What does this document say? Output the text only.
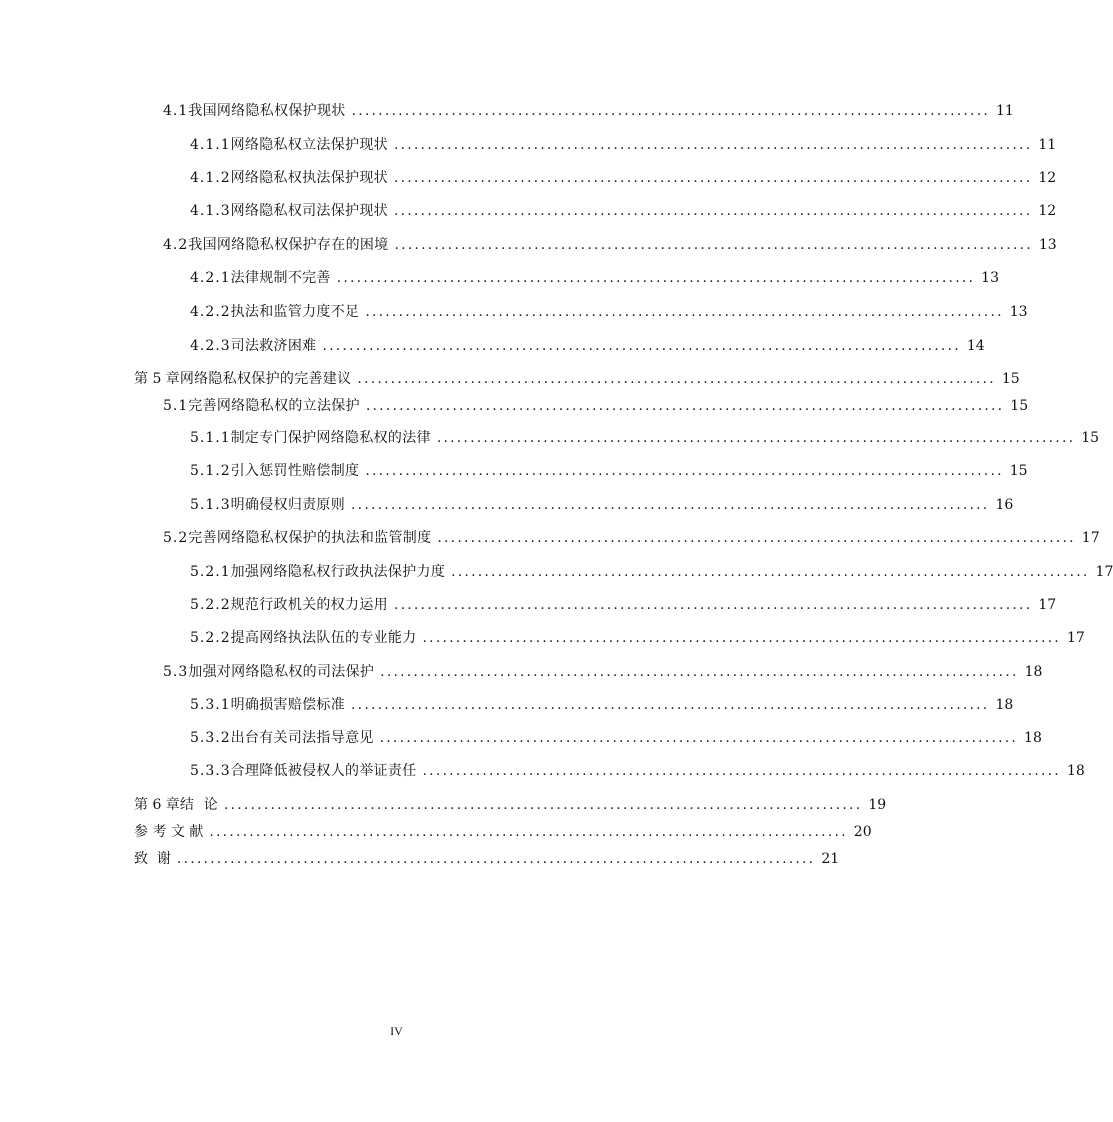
4.1 我国网络隐私权保护现状 ................................................................................................ 11
4.1.1 网络隐私权立法保护现状 ................................................................................................ 11
4.1.2 网络隐私权执法保护现状 ................................................................................................ 12
4.1.3 网络隐私权司法保护现状 ................................................................................................ 12
4.2 我国网络隐私权保护存在的困境 ................................................................................................ 13
4.2.1 法律规制不完善 ................................................................................................ 13
4.2.2 执法和监管力度不足 ................................................................................................ 13
4.2.3 司法救济困难 ................................................................................................ 14
第 5 章 网络隐私权保护的完善建议 ................................................................................................ 15
5.1 完善网络隐私权的立法保护 ................................................................................................ 15
5.1.1 制定专门保护网络隐私权的法律 ................................................................................................ 15
5.1.2 引入惩罚性赔偿制度 ................................................................................................ 15
5.1.3 明确侵权归责原则 ................................................................................................ 16
5.2 完善网络隐私权保护的执法和监管制度 ................................................................................................ 17
5.2.1 加强网络隐私权行政执法保护力度 ................................................................................................ 17
5.2.2 规范行政机关的权力运用 ................................................................................................ 17
5.2.2 提高网络执法队伍的专业能力 ................................................................................................ 17
5.3 加强对网络隐私权的司法保护 ................................................................................................ 18
5.3.1 明确损害赔偿标准 ................................................................................................ 18
5.3.2 出台有关司法指导意见 ................................................................................................ 18
5.3.3 合理降低被侵权人的举证责任 ................................................................................................ 18
第 6 章 结  论 ................................................................................................ 19
参 考 文 献 ................................................................................................ 20
致  谢 ................................................................................................ 21
IV
